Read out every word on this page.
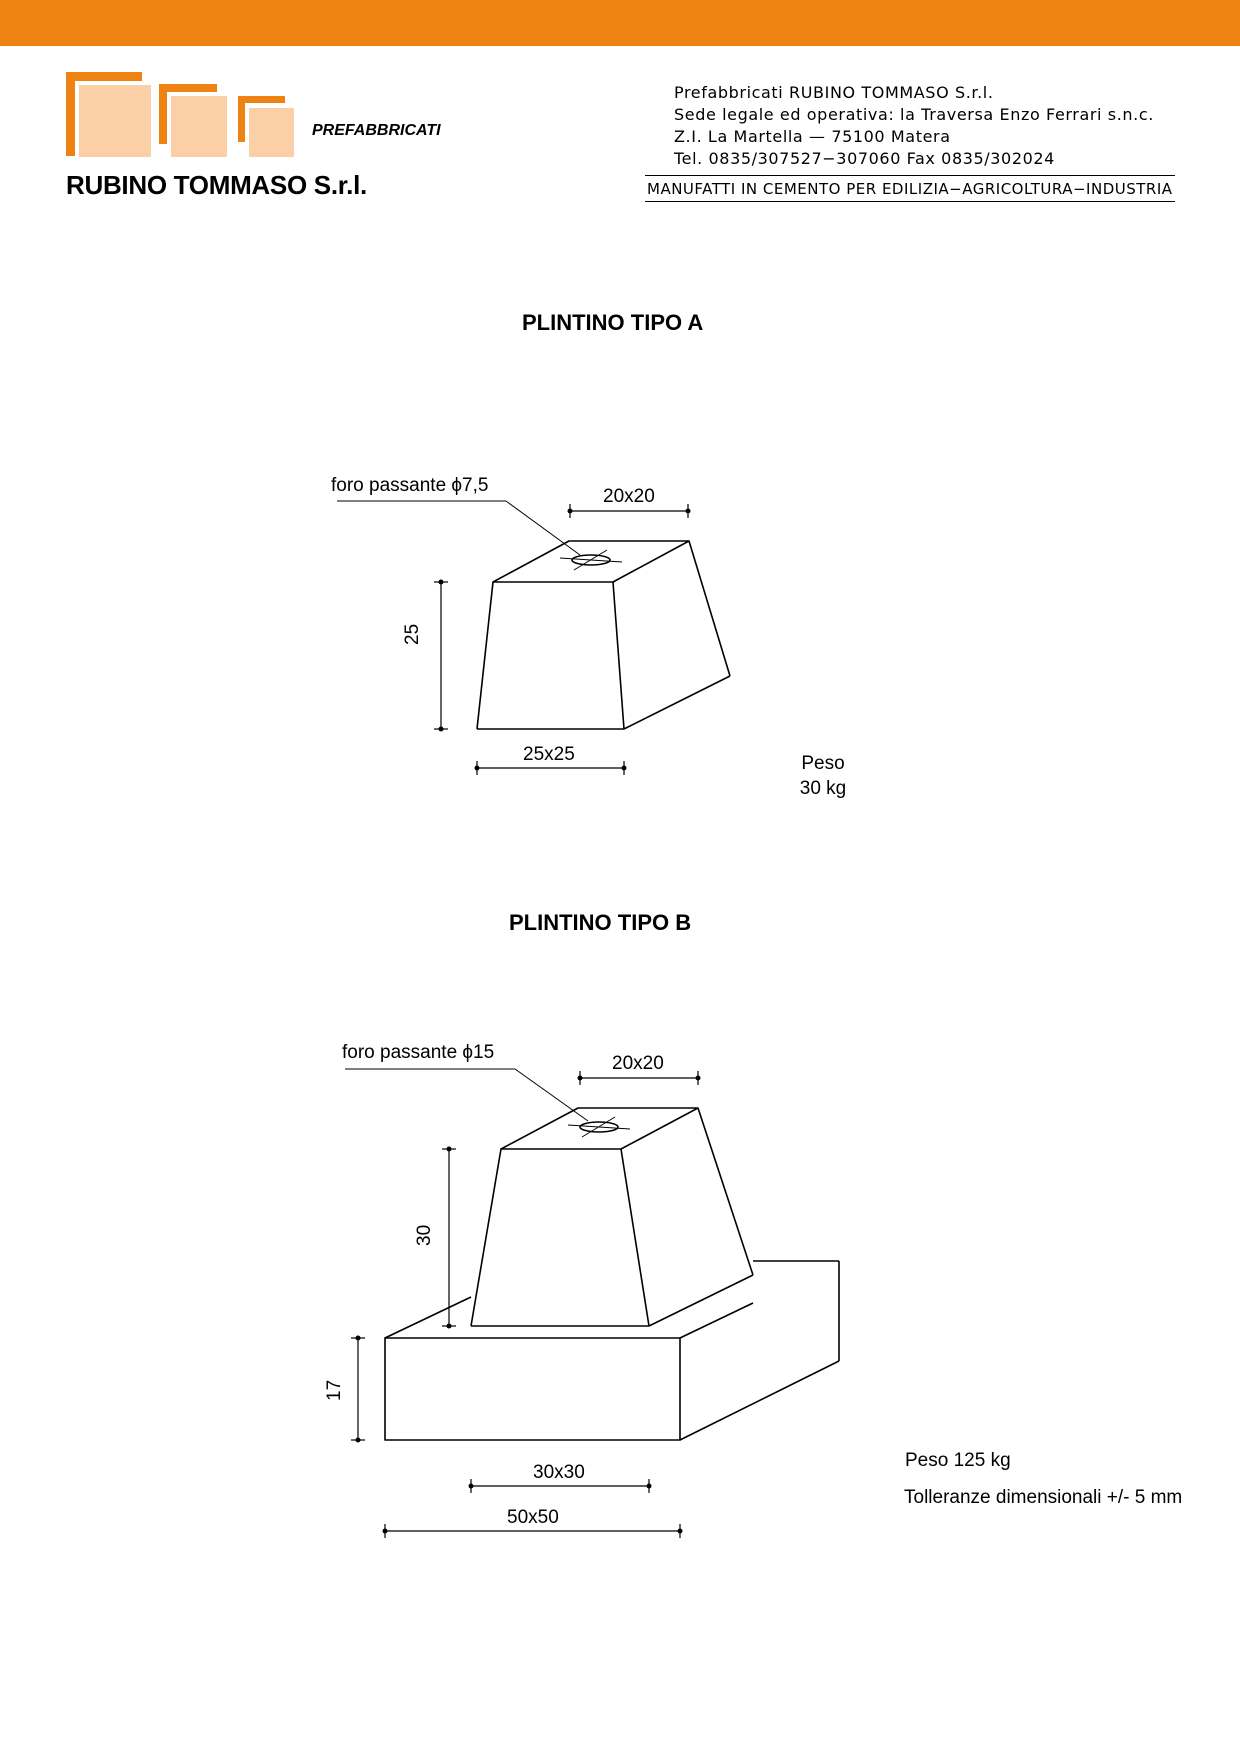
PREFABBRICATI
RUBINO TOMMASO S.r.l.
Prefabbricati RUBINO TOMMASO S.r.l.
Sede legale ed operativa: la Traversa Enzo Ferrari s.n.c.
Z.I. La Martella — 75100 Matera
Tel. 0835/307527−307060 Fax 0835/302024
MANUFATTI IN CEMENTO PER EDILIZIA−AGRICOLTURA−INDUSTRIA
PLINTINO TIPO A
PLINTINO TIPO B
foro passante ϕ7,5
20x20
25
25x25	Peso
30 kg
foro passante ϕ15
20x20
30
17
30x30
50x50
Peso 125 kg
Tolleranze dimensionali +/- 5 mm
